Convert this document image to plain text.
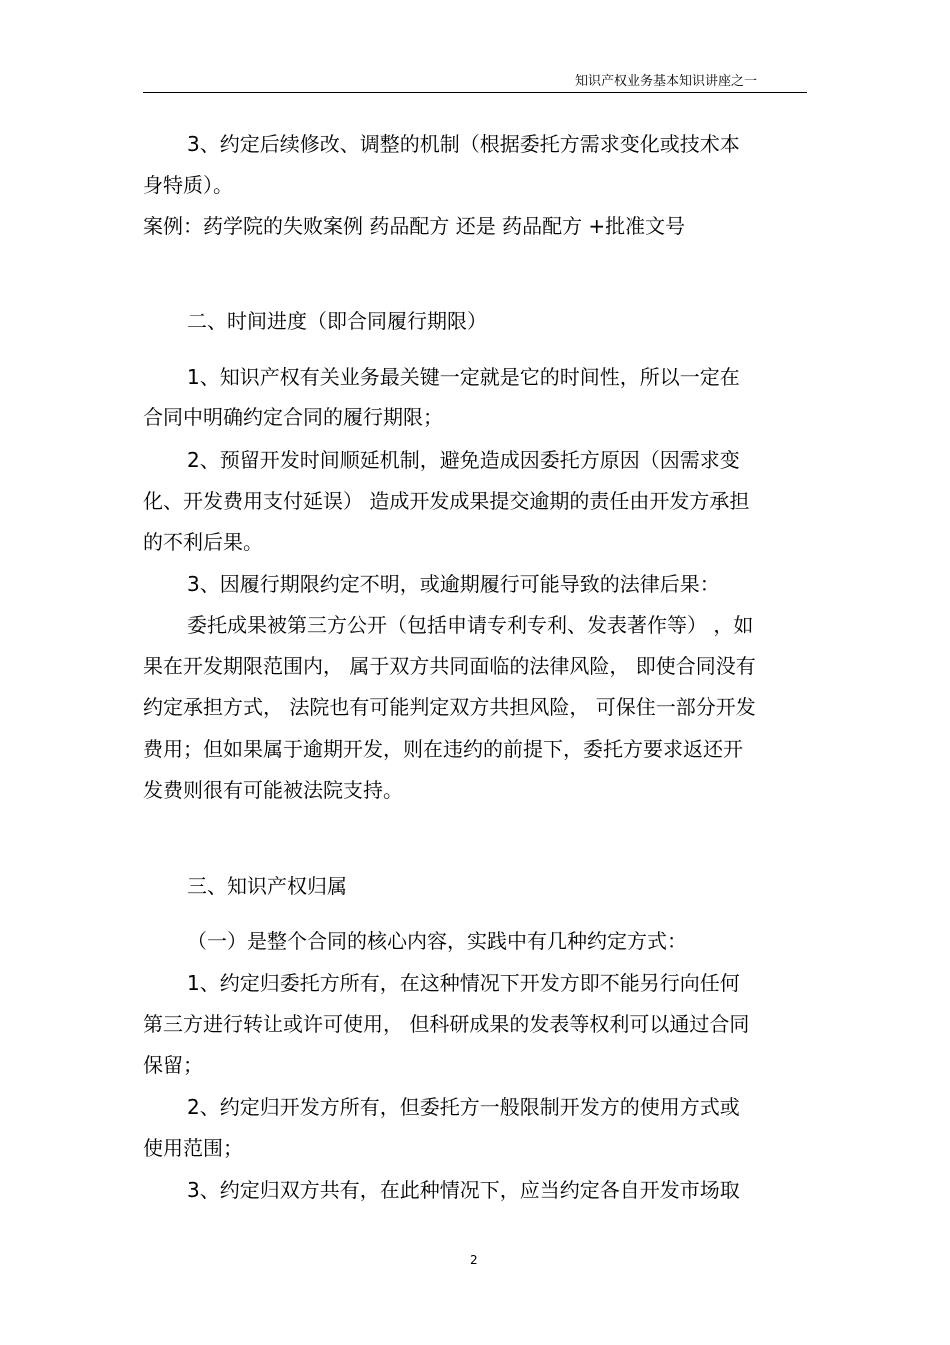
知识产权业务基本知识讲座之一
3、约定后续修改、调整的机制（根据委托方需求变化或技术本
身特质）。
案例：药学院的失败案例 药品配方 还是 药品配方 +批准文号
二、时间进度（即合同履行期限）
1、知识产权有关业务最关键一定就是它的时间性，所以一定在
合同中明确约定合同的履行期限；
2、预留开发时间顺延机制，避免造成因委托方原因（因需求变
化、开发费用支付延误） 造成开发成果提交逾期的责任由开发方承担
的不利后果。
3、因履行期限约定不明，或逾期履行可能导致的法律后果：
委托成果被第三方公开（包括申请专利专利、发表著作等） ，如
果在开发期限范围内， 属于双方共同面临的法律风险， 即使合同没有
约定承担方式， 法院也有可能判定双方共担风险， 可保住一部分开发
费用；但如果属于逾期开发，则在违约的前提下，委托方要求返还开
发费则很有可能被法院支持。
三、知识产权归属
（一）是整个合同的核心内容，实践中有几种约定方式：
1、约定归委托方所有，在这种情况下开发方即不能另行向任何
第三方进行转让或许可使用， 但科研成果的发表等权利可以通过合同
保留；
2、约定归开发方所有，但委托方一般限制开发方的使用方式或
使用范围；
3、约定归双方共有，在此种情况下，应当约定各自开发市场取
2
